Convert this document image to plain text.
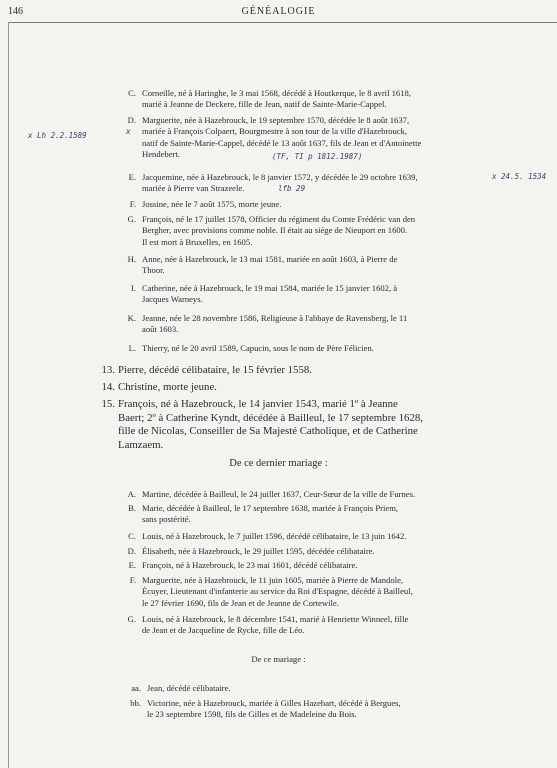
146	GÉNÉALOGIE
C. Corneille, né à Haringhe, le 3 mai 1568, décédé à Houtkerque, le 8 avril 1618,
marié à Jeanne de Deckere, fille de Jean, natif de Sainte-Marie-Cappel.
D. Marguerite, née à Hazebrouck, le 19 septembre 1570, décédée le 8 août 1637,
mariée à François Colpaert, Bourgmestre à son tour de la ville d'Hazebrouck,
natif de Sainte-Marie-Cappel, décédé le 13 août 1637, fils de Jean et d'Antoinette
Hendebert.
E. Jacquemine, née à Hazebrouck, le 8 janvier 1572, y décédée le 29 octobre 1639,
mariée à Pierre van Strazeele.
F. Jossine, née le 7 août 1575, morte jeune.
G. François, né le 17 juillet 1578, Officier du régiment du Comte Frédéric van den
Bergher, avec provisions comme noble. Il était au siége de Nieuport en 1600.
Il est mort à Bruxelles, en 1605.
H. Anne, née à Hazebrouck, le 13 mai 1581, mariée en août 1603, à Pierre de
Thoor.
I. Catherine, née à Hazebrouck, le 19 mai 1584, mariée le 15 janvier 1602, à
Jacques Warneys.
K. Jeanne, née le 28 novembre 1586, Religieuse à l'abbaye de Ravensberg, le 11
août 1603.
L. Thierry, né le 20 avril 1589, Capucin, sous le nom de Père Félicien.
13. Pierre, décédé célibataire, le 15 février 1558.
14. Christine, morte jeune.
15. François, né à Hazebrouck, le 14 janvier 1543, marié 1º à Jeanne
Baert; 2º à Catherine Kyndt, décédée à Bailleul, le 17 septembre 1628,
fille de Nicolas, Conseiller de Sa Majesté Catholique, et de Catherine
Lamzaem.
De ce dernier mariage :
A. Martine, décédée à Bailleul, le 24 juillet 1637, Ceur-Sœur de la ville de Furnes.
B. Marie, décédée à Bailleul, le 17 septembre 1638, mariée à François Priem,
sans postérité.
C. Louis, né à Hazebrouck, le 7 juillet 1596, décédé célibataire, le 13 juin 1642.
D. Élisabeth, née à Hazebrouck, le 29 juillet 1595, décédée célibataire.
E. François, né à Hazebrouck, le 23 mai 1601, décédé célibataire.
F. Marguerite, née à Hazebrouck, le 11 juin 1605, mariée à Pierre de Mandole,
Écuyer, Lieutenant d'infanterie au service du Roi d'Espagne, décédé à Bailleul,
le 27 février 1690, fils de Jean et de Jeanne de Cortewile.
G. Louis, né à Hazebrouck, le 8 décembre 1541, marié à Henriette Winneel, fille
de Jean et de Jacqueline de Rycke, fille de Léo.
De ce mariage :
aa. Jean, décédé célibataire.
bb. Victorine, née à Hazebrouck, mariée à Gilles Hazebart, décédé à Bergues,
le 23 septembre 1598, fils de Gilles et de Madeleine du Bois.
x Lh 2.2.1589	x
(TF, TI p 1812.1987)
lfb 29
x 24.5. 1534
